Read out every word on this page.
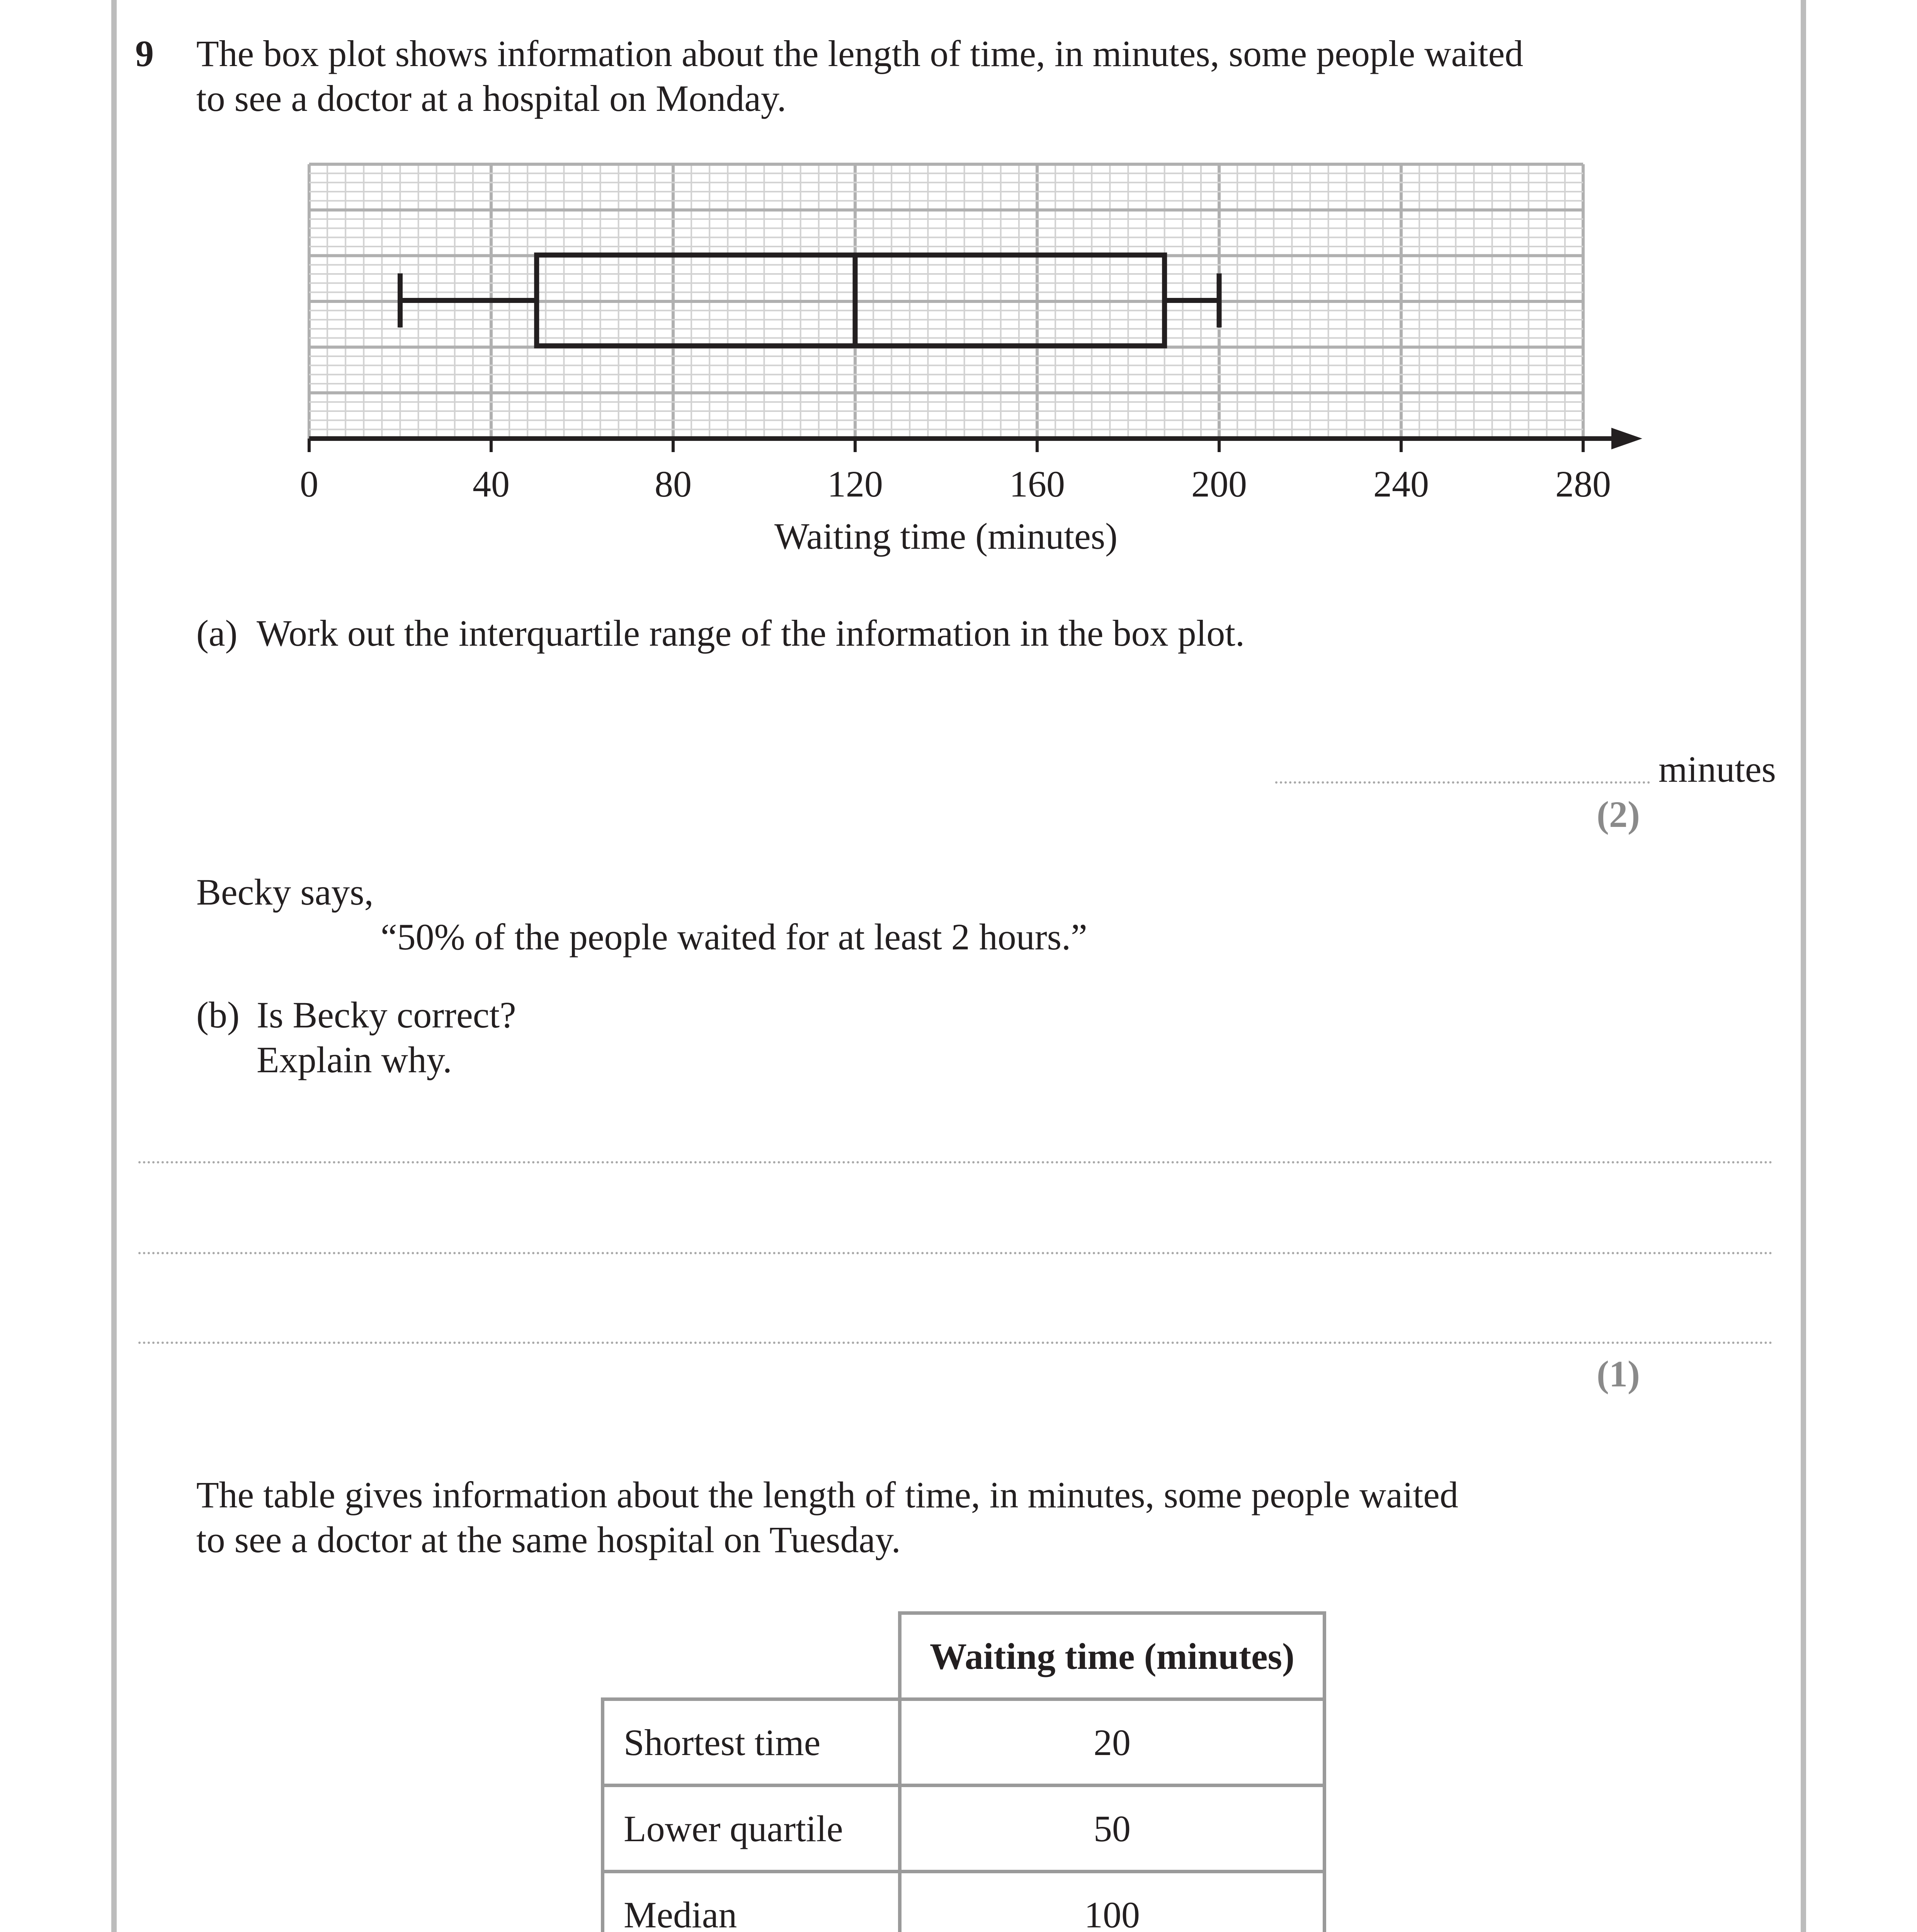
9 The box plot shows information about the length of time, in minutes, some people waited
to see a doctor at a hospital on Monday.
0	40	80	120	160	200	240	280
Waiting time (minutes)
(a) Work out the interquartile range of the information in the box plot.
minutes
(2)
Becky says,
“50% of the people waited for at least 2 hours.”
(b) Is Becky correct?
Explain why.
(1)
The table gives information about the length of time, in minutes, some people waited
to see a doctor at the same hospital on Tuesday.
	Waiting time (minutes)
Shortest time	20
Lower quartile	50
Median	100
